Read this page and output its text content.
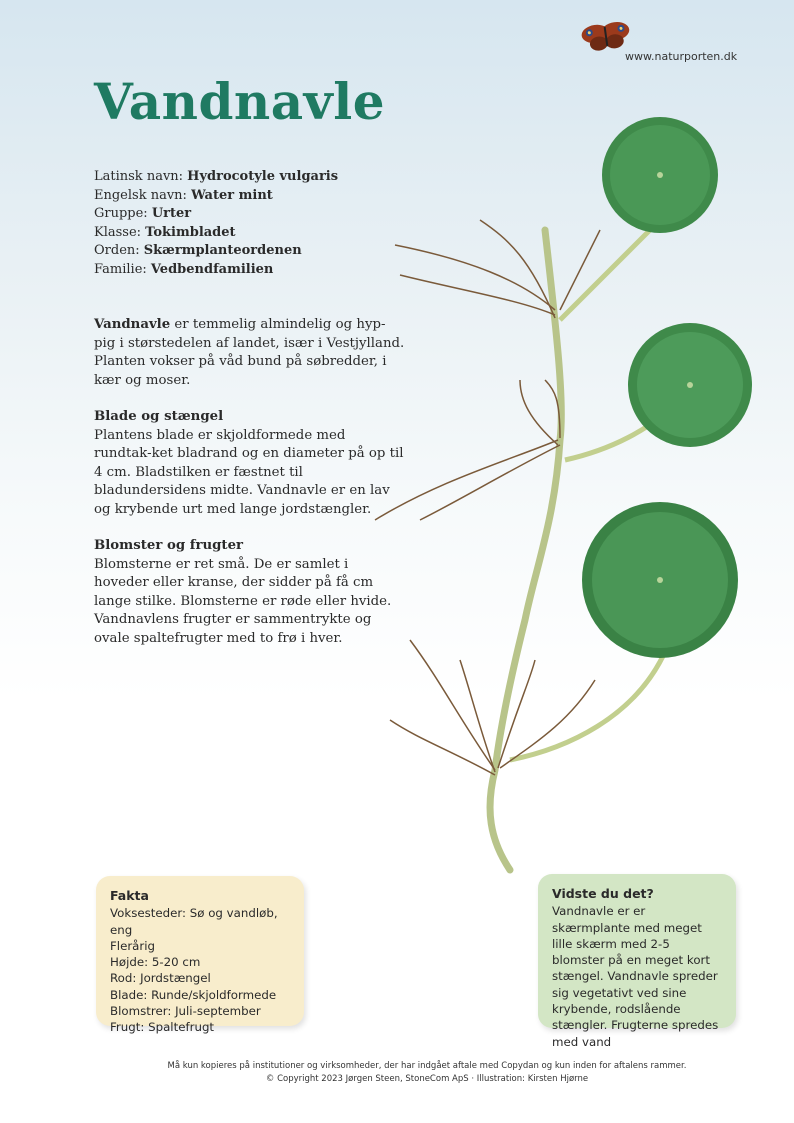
www.naturporten.dk
Vandnavle
Latinsk navn: Hydrocotyle vulgaris
Engelsk navn: Water mint
Gruppe: Urter
Klasse: Tokimbladet
Orden: Skærmplanteordenen
Familie: Vedbendfamilien

Vandnavle er temmelig almindelig og hyp-pig i størstedelen af landet, især i Vestjylland. Planten vokser på våd bund på søbredder, i kær og moser.

Blade og stængel

Plantens blade er skjoldformede med rundtak-ket bladrand og en diameter på op til 4 cm. Bladstilken er fæstnet til bladundersidens midte. Vandnavle er en lav og krybende urt med lange jordstængler.

Blomster og frugter

Blomsterne er ret små. De er samlet i hoveder eller kranse, der sidder på få cm lange stilke. Blomsterne er røde eller hvide. Vandnavlens frugter er sammentrykte og ovale spaltefrugter med to frø i hver.

Fakta
Voksesteder: Sø og vandløb, eng
Flerårig
Højde: 5-20 cm
Rod: Jordstængel
Blade: Runde/skjoldformede
Blomstrer: Juli-september
Frugt: Spaltefrugt
Vidste du det?
Vandnavle er er skærmplante med meget lille skærm med 2-5 blomster på en meget kort stængel. Vandnavle spreder sig vegetativt ved sine krybende, rodslående stængler. Frugterne spredes med vand
Må kun kopieres på institutioner og virksomheder, der har indgået aftale med Copydan og kun inden for aftalens rammer.
© Copyright 2023 Jørgen Steen, StoneCom ApS · Illustration: Kirsten Hjørne
